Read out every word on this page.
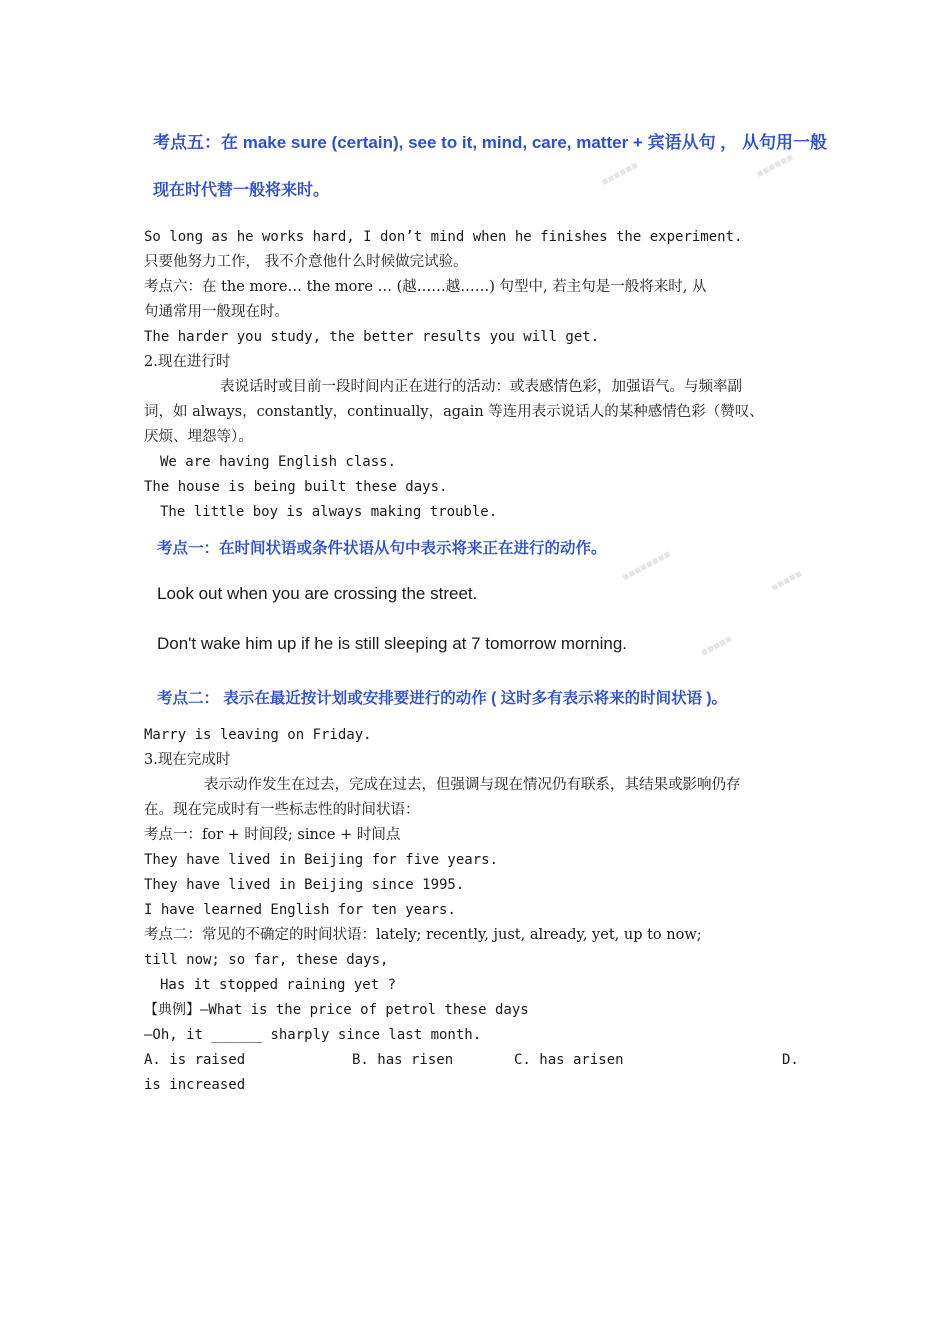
■■■■■■	■■■■■■
■■■■■■■■	■■■■■
■■■■■
考点五：在 make sure (certain), see to it, mind, care, matter + 宾语从句 ， 从句用一般
现在时代替一般将来时。
So long as he works hard, I don’t mind when he finishes the experiment.
只要他努力工作， 我不介意他什么时候做完试验。
考点六：在 the more… the more … (越……越……) 句型中, 若主句是一般将来时, 从
句通常用一般现在时。
The harder you study, the better results you will get.
2.现在进行时
表说话时或目前一段时间内正在进行的活动：或表感情色彩，加强语气。与频率副
词，如 always，constantly，continually，again 等连用表示说话人的某种感情色彩（赞叹、
厌烦、埋怨等）。
We are having English class.
The house is being built these days.
The little boy is always making trouble.
考点一：在时间状语或条件状语从句中表示将来正在进行的动作。
Look out when you are crossing the street.
Don't wake him up if he is still sleeping at 7 tomorrow morning.
考点二： 表示在最近按计划或安排要进行的动作 ( 这时多有表示将来的时间状语 )。
Marry is leaving on Friday.
3.现在完成时
表示动作发生在过去，完成在过去，但强调与现在情况仍有联系，其结果或影响仍存
在。现在完成时有一些标志性的时间状语：
考点一：for + 时间段; since + 时间点
They have lived in Beijing for five years.
They have lived in Beijing since 1995.
I have learned English for ten years.
考点二：常见的不确定的时间状语：lately; recently, just, already, yet, up to now;
till now; so far, these days,
Has it stopped raining yet ?
【典例】—What is the price of petrol these days
—Oh, it ______ sharply since last month.
A. is raised	B. has risen	C. has arisen	D.
is increased
